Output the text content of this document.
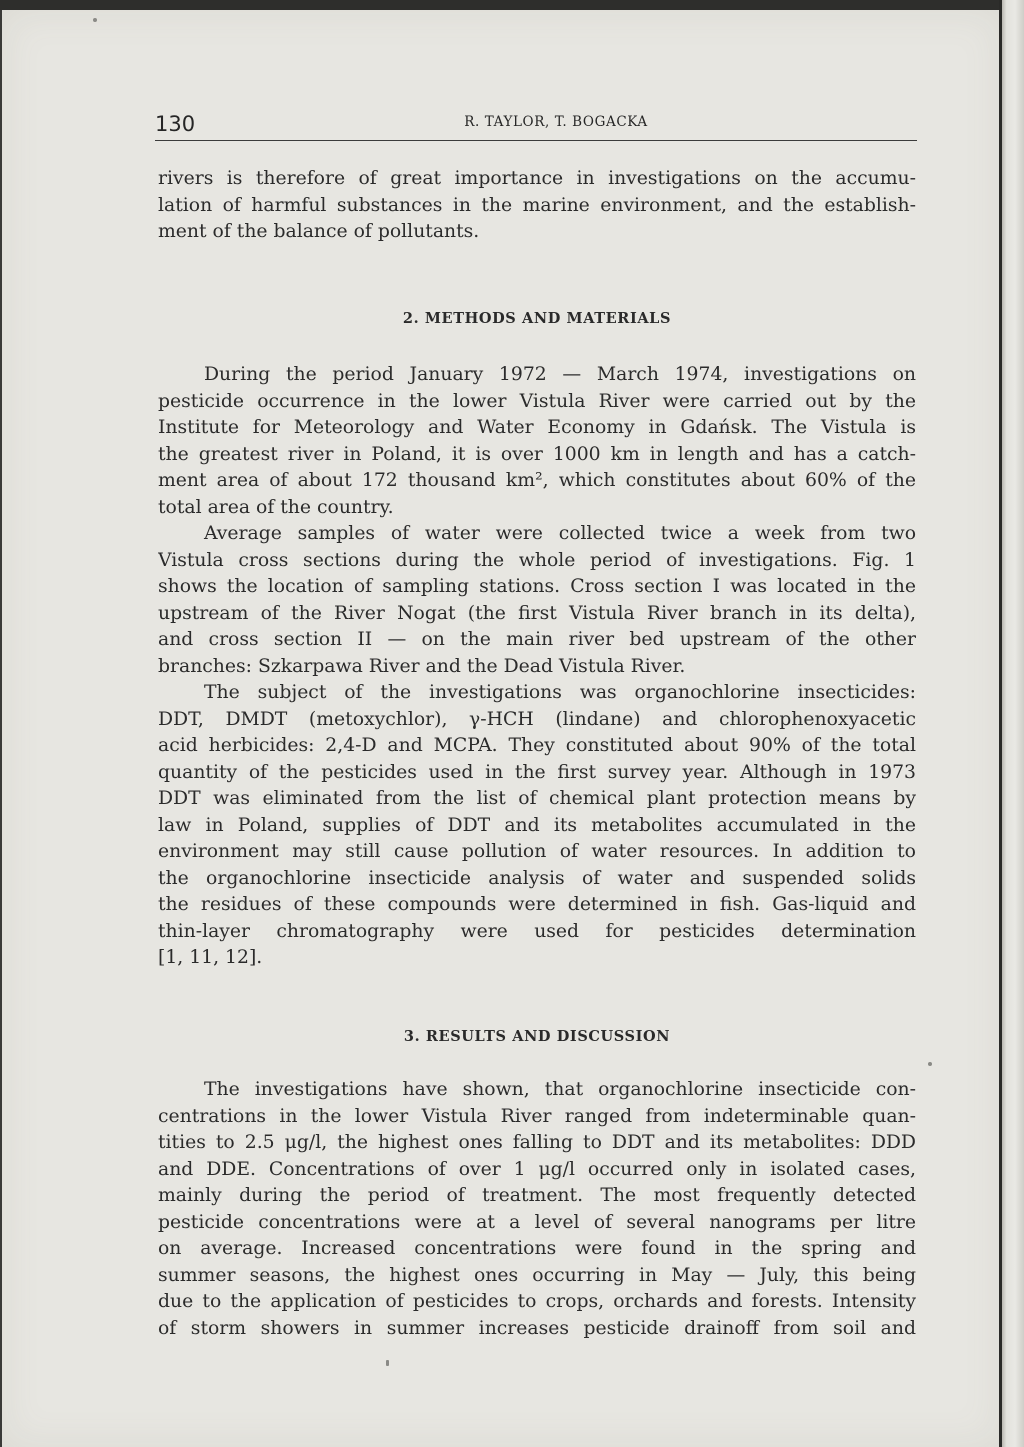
130	R. TAYLOR, T. BOGACKA
rivers is therefore of great importance in investigations on the accumu-
lation of harmful substances in the marine environment, and the establish-
ment of the balance of pollutants.
2. METHODS AND MATERIALS
During the period January 1972 — March 1974, investigations on
pesticide occurrence in the lower Vistula River were carried out by the
Institute for Meteorology and Water Economy in Gdańsk. The Vistula is
the greatest river in Poland, it is over 1000 km in length and has a catch-
ment area of about 172 thousand km², which constitutes about 60% of the
total area of the country.
Average samples of water were collected twice a week from two
Vistula cross sections during the whole period of investigations. Fig. 1
shows the location of sampling stations. Cross section I was located in the
upstream of the River Nogat (the first Vistula River branch in its delta),
and cross section II — on the main river bed upstream of the other
branches: Szkarpawa River and the Dead Vistula River.
The subject of the investigations was organochlorine insecticides:
DDT, DMDT (metoxychlor), γ-HCH (lindane) and chlorophenoxyacetic
acid herbicides: 2,4-D and MCPA. They constituted about 90% of the total
quantity of the pesticides used in the first survey year. Although in 1973
DDT was eliminated from the list of chemical plant protection means by
law in Poland, supplies of DDT and its metabolites accumulated in the
environment may still cause pollution of water resources. In addition to
the organochlorine insecticide analysis of water and suspended solids
the residues of these compounds were determined in fish. Gas-liquid and
thin-layer chromatography were used for pesticides determination
[1, 11, 12].
3. RESULTS AND DISCUSSION
The investigations have shown, that organochlorine insecticide con-
centrations in the lower Vistula River ranged from indeterminable quan-
tities to 2.5 μg/l, the highest ones falling to DDT and its metabolites: DDD
and DDE. Concentrations of over 1 μg/l occurred only in isolated cases,
mainly during the period of treatment. The most frequently detected
pesticide concentrations were at a level of several nanograms per litre
on average. Increased concentrations were found in the spring and
summer seasons, the highest ones occurring in May — July, this being
due to the application of pesticides to crops, orchards and forests. Intensity
of storm showers in summer increases pesticide drainoff from soil and
